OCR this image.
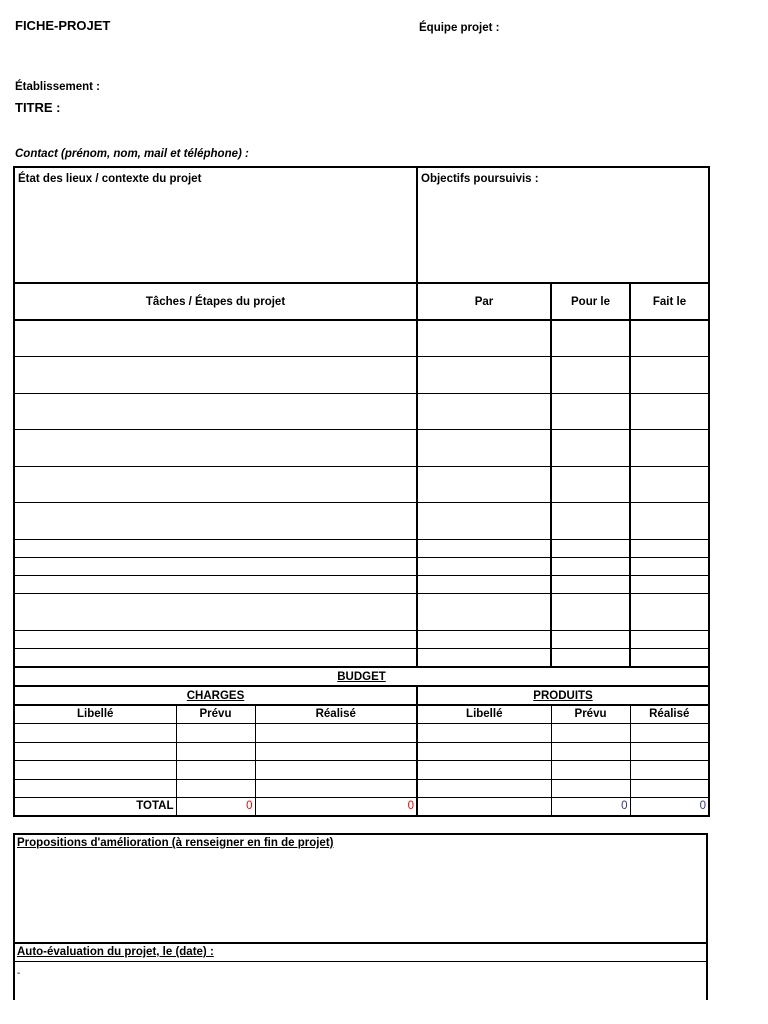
FICHE-PROJET	Équipe projet :
Établissement :
TITRE :
Contact (prénom, nom, mail et téléphone) :
État des lieux / contexte du projet			Objectifs poursuivis :		
Tâches / Étapes du projet			Par	Pour le	Fait le

BUDGET					
CHARGES			PRODUITS		
Libellé	Prévu	Réalisé	Libellé	Prévu	Réalisé

TOTAL	0	0		0	0
Propositions d'amélioration (à renseigner en fin de projet)
Auto-évaluation du projet, le (date) :
-
